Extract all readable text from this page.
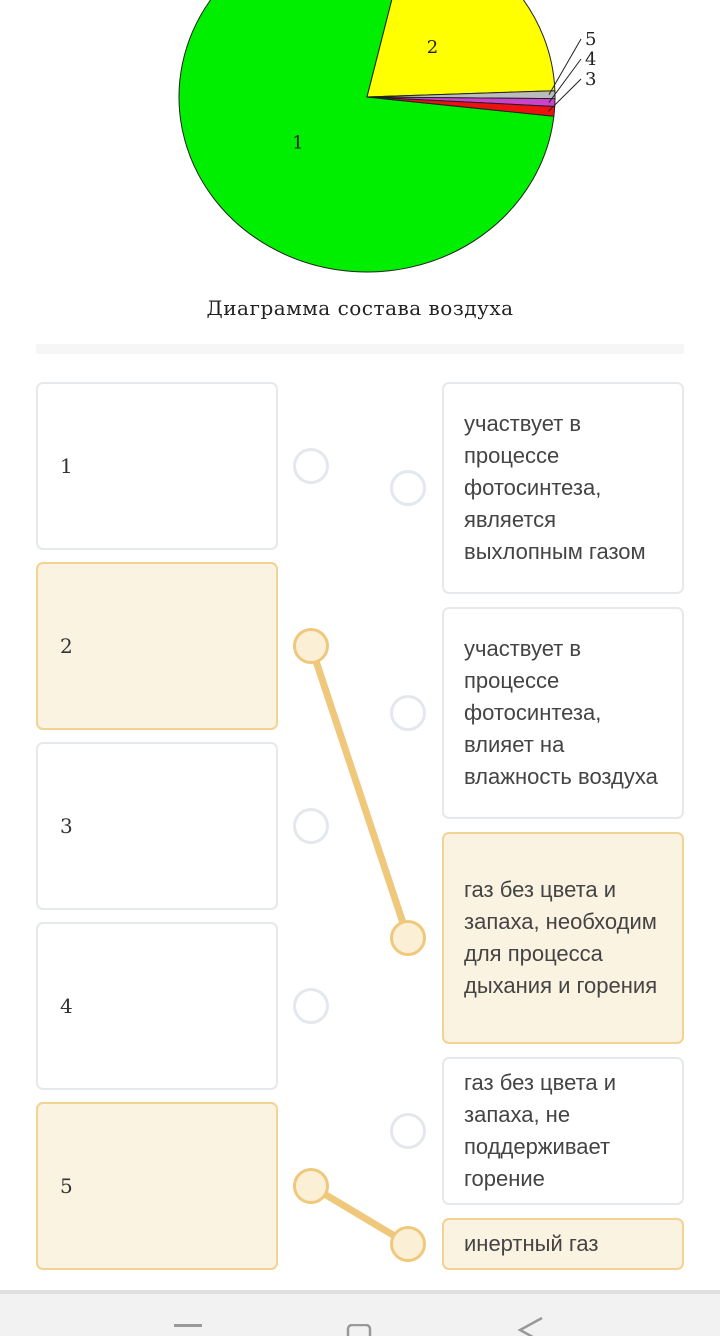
1
2	5
4
3
Диаграмма состава воздуха
1
2
3
4
5
участвует в процессе фотосинтеза, является выхлопным газом
участвует в процессе фотосинтеза, влияет на влажность воздуха
газ без цвета и запаха, необходим для процесса дыхания и горения
газ без цвета и запаха, не поддерживает горение
инертный газ
